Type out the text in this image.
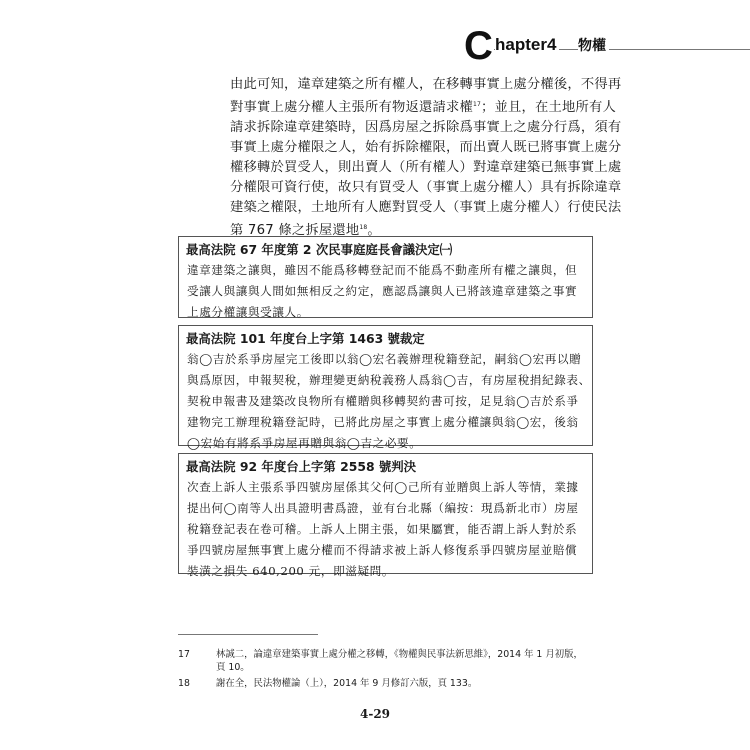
C hapter4 物權
由此可知，違章建築之所有權人，在移轉事實上處分權後，不得再
對事實上處分權人主張所有物返還請求權$^{17}$；並且，在土地所有人
請求拆除違章建築時，因爲房屋之拆除爲事實上之處分行爲，須有
事實上處分權限之人，始有拆除權限，而出賣人既已將事實上處分
權移轉於買受人，則出賣人（所有權人）對違章建築已無事實上處
分權限可資行使，故只有買受人（事實上處分權人）具有拆除違章
建築之權限，土地所有人應對買受人（事實上處分權人）行使民法
第 767 條之拆屋還地$^{18}$。
最高法院 67 年度第 2 次民事庭庭長會議決定㈠
違章建築之讓與，雖因不能爲移轉登記而不能爲不動產所有權之讓與，但
受讓人與讓與人間如無相反之約定，應認爲讓與人已將該違章建築之事實
上處分權讓與受讓人。
最高法院 101 年度台上字第 1463 號裁定
翁◯吉於系爭房屋完工後即以翁◯宏名義辦理稅籍登記，嗣翁◯宏再以贈
與爲原因，申報契稅，辦理變更納稅義務人爲翁◯吉，有房屋稅捐紀錄表、
契稅申報書及建築改良物所有權贈與移轉契約書可按，足見翁◯吉於系爭
建物完工辦理稅籍登記時，已將此房屋之事實上處分權讓與翁◯宏，後翁
◯宏始有將系爭房屋再贈與翁◯吉之必要。
最高法院 92 年度台上字第 2558 號判決
次查上訴人主張系爭四號房屋係其父何◯己所有並贈與上訴人等情，業據
提出何◯南等人出具證明書爲證，並有台北縣（編按：現爲新北市）房屋
稅籍登記表在卷可稽。上訴人上開主張，如果屬實，能否謂上訴人對於系
爭四號房屋無事實上處分權而不得請求被上訴人修復系爭四號房屋並賠償
裝潢之損失 640,200 元，即滋疑問。
17	林誠二，論違章建築事實上處分權之移轉，《物權與民事法新思維》，2014 年 1 月初版，
頁 10。
18	謝在全，民法物權論（上），2014 年 9 月修訂六版，頁 133。
4-29
